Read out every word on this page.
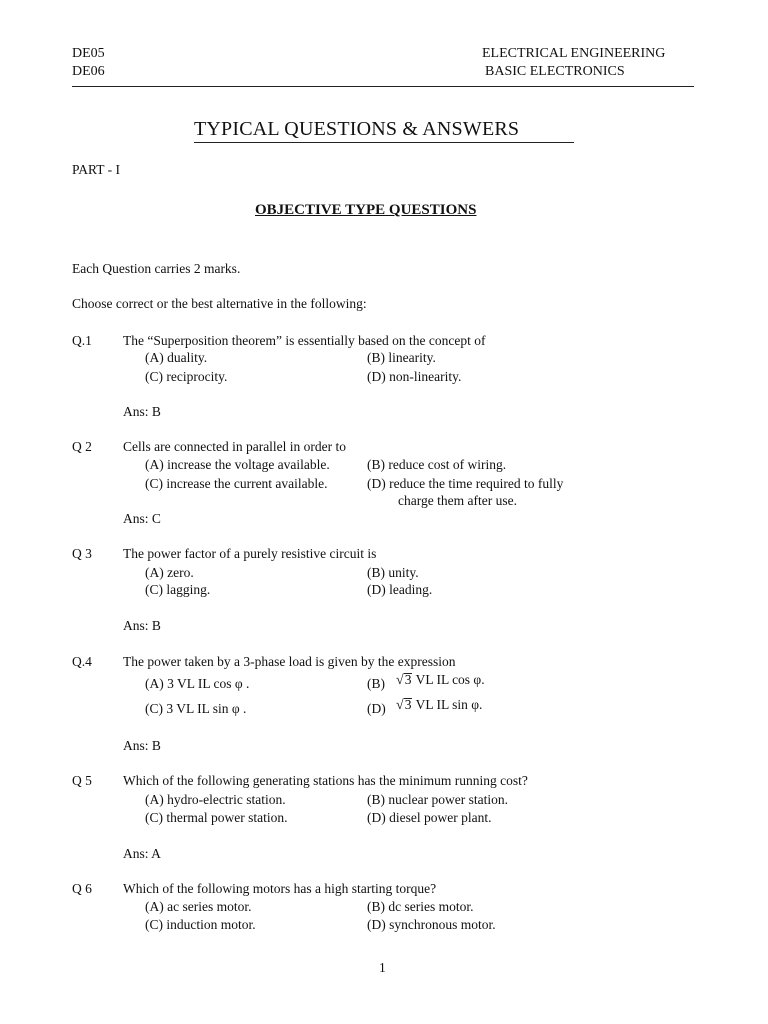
DE05
DE06
ELECTRICAL ENGINEERING
BASIC ELECTRONICS
TYPICAL QUESTIONS & ANSWERS
PART - I
OBJECTIVE TYPE QUESTIONS
Each Question carries 2 marks.
Choose correct or the best alternative in the following:
Q.1 The “Superposition theorem” is essentially based on the concept of
(A) duality.	(B) linearity.
(C) reciprocity.	(D) non-linearity.
Ans: B
Q 2 Cells are connected in parallel in order to
(A) increase the voltage available.	(B) reduce cost of wiring.
(C) increase the current available.	(D) reduce the time required to fully
charge them after use.
Ans: C
Q 3 The power factor of a purely resistive circuit is
(A) zero.	(B) unity.
(C) lagging.	(D) leading.
Ans: B
Q.4 The power taken by a 3-phase load is given by the expression
(A) 3 VL IL cos φ .	(B) √3 VL IL cos φ.
(C) 3 VL IL sin φ .	(D) √3 VL IL sin φ.
Ans: B
Q 5 Which of the following generating stations has the minimum running cost?
(A) hydro-electric station.	(B) nuclear power station.
(C) thermal power station.	(D) diesel power plant.
Ans: A
Q 6 Which of the following motors has a high starting torque?
(A) ac series motor.	(B) dc series motor.
(C) induction motor.	(D) synchronous motor.
1
